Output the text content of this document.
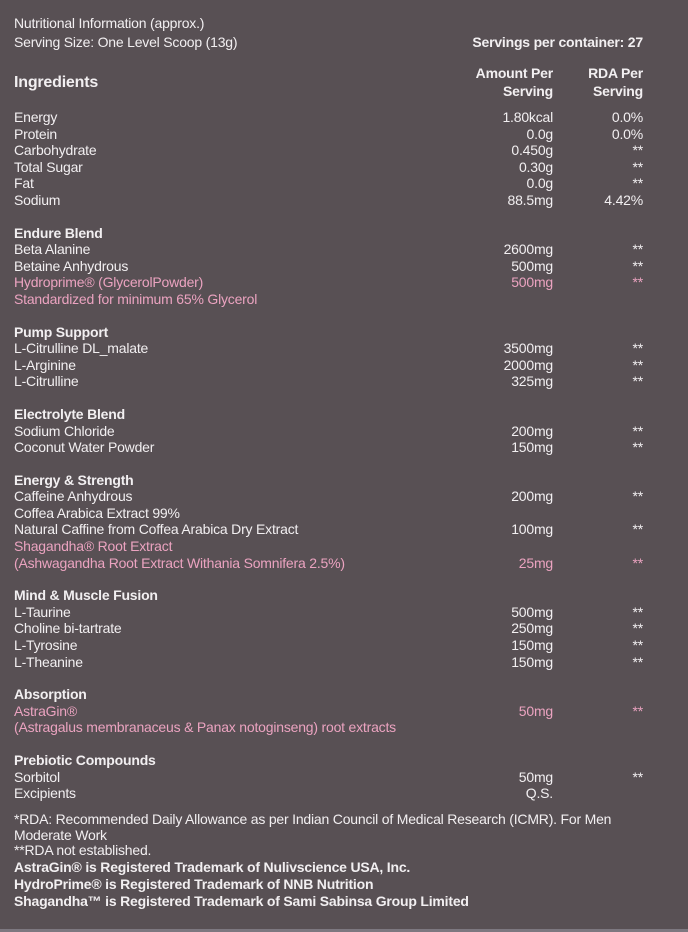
Nutritional Information (approx.)
Serving Size: One Level Scoop (13g)	Servings per container: 27
Ingredients
Amount Per Serving
RDA Per Serving
Energy	1.80kcal	0.0%
Protein	0.0g	0.0%
Carbohydrate	0.450g	**
Total Sugar	0.30g	**
Fat	0.0g	**
Sodium	88.5mg	4.42%
Endure Blend
Beta Alanine	2600mg	**
Betaine Anhydrous	500mg	**
Hydroprime® (GlycerolPowder)	500mg	**
Standardized for minimum 65% Glycerol
Pump Support
L-Citrulline DL_malate	3500mg	**
L-Arginine	2000mg	**
L-Citrulline	325mg	**
Electrolyte Blend
Sodium Chloride	200mg	**
Coconut Water Powder	150mg	**
Energy & Strength
Caffeine Anhydrous	200mg	**
Coffea Arabica Extract 99%
Natural Caffine from Coffea Arabica Dry Extract	100mg	**
Shagandha® Root Extract
(Ashwagandha Root Extract Withania Somnifera 2.5%)	25mg	**
Mind & Muscle Fusion
L-Taurine	500mg	**
Choline bi-tartrate	250mg	**
L-Tyrosine	150mg	**
L-Theanine	150mg	**
Absorption
AstraGin®	50mg	**
(Astragalus membranaceus & Panax notoginseng) root extracts
Prebiotic Compounds
Sorbitol	50mg	**
Excipients	Q.S.
*RDA: Recommended Daily Allowance as per Indian Council of Medical Research (ICMR). For Men Moderate Work
**RDA not established.
AstraGin® is Registered Trademark of Nulivscience USA, Inc.
HydroPrime® is Registered Trademark of NNB Nutrition
Shagandha™ is Registered Trademark of Sami Sabinsa Group Limited
